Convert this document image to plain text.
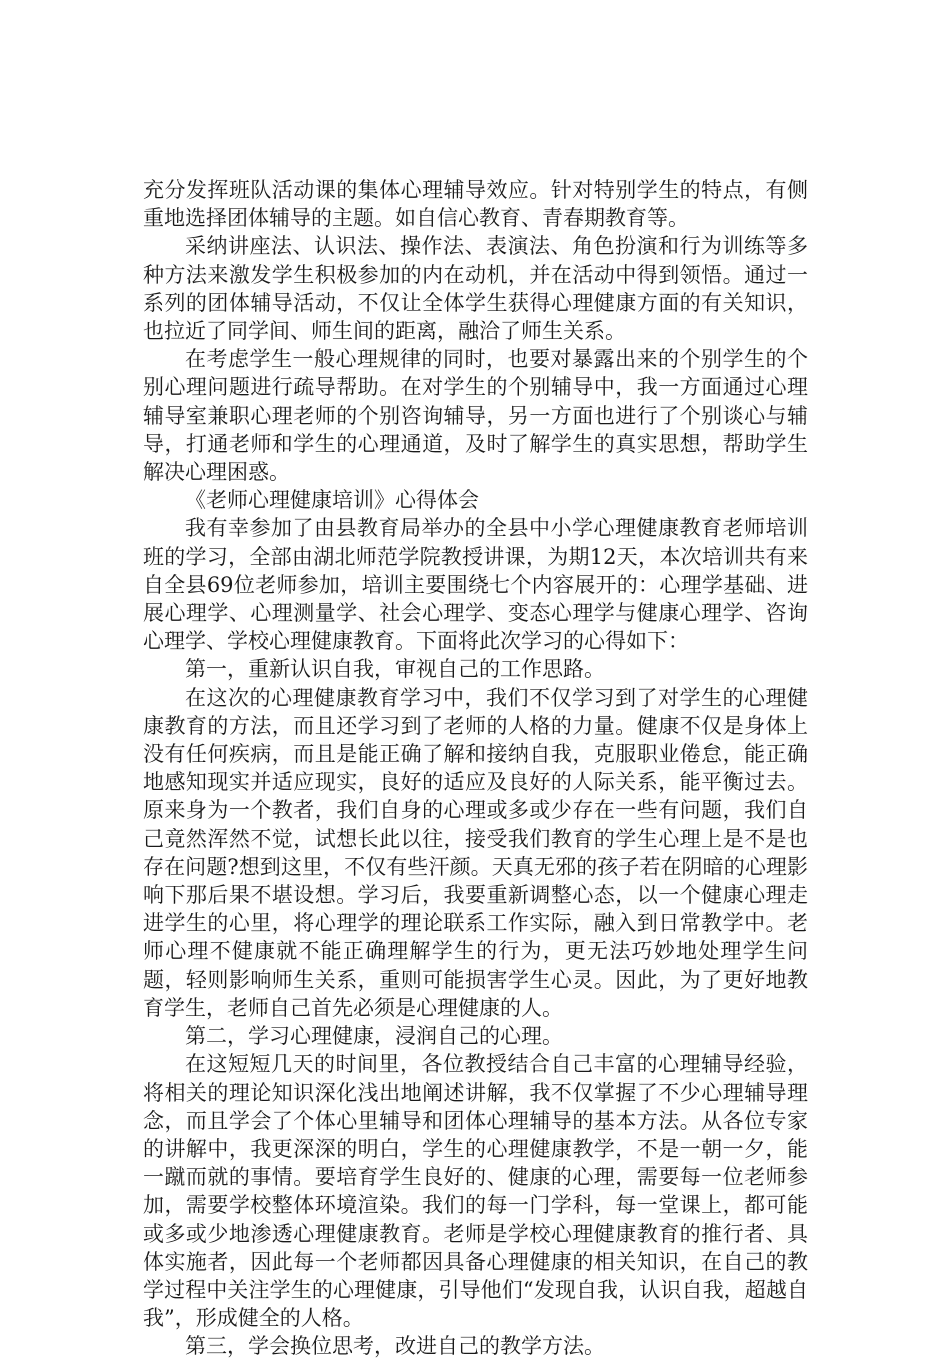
充分发挥班队活动课的集体心理辅导效应。针对特别学生的特点，有侧重地选择团体辅导的主题。如自信心教育、青春期教育等。

采纳讲座法、认识法、操作法、表演法、角色扮演和行为训练等多种方法来激发学生积极参加的内在动机，并在活动中得到领悟。通过一系列的团体辅导活动，不仅让全体学生获得心理健康方面的有关知识，也拉近了同学间、师生间的距离，融洽了师生关系。

在考虑学生一般心理规律的同时，也要对暴露出来的个别学生的个别心理问题进行疏导帮助。在对学生的个别辅导中，我一方面通过心理辅导室兼职心理老师的个别咨询辅导，另一方面也进行了个别谈心与辅导，打通老师和学生的心理通道，及时了解学生的真实思想，帮助学生解决心理困惑。

《老师心理健康培训》心得体会

我有幸参加了由县教育局举办的全县中小学心理健康教育老师培训班的学习，全部由湖北师范学院教授讲课，为期12天，本次培训共有来自全县69位老师参加，培训主要围绕七个内容展开的：心理学基础、进展心理学、心理测量学、社会心理学、变态心理学与健康心理学、咨询心理学、学校心理健康教育。下面将此次学习的心得如下：

第一，重新认识自我，审视自己的工作思路。

在这次的心理健康教育学习中，我们不仅学习到了对学生的心理健康教育的方法，而且还学习到了老师的人格的力量。健康不仅是身体上没有任何疾病，而且是能正确了解和接纳自我，克服职业倦怠，能正确地感知现实并适应现实，良好的适应及良好的人际关系，能平衡过去。原来身为一个教者，我们自身的心理或多或少存在一些有问题，我们自己竟然浑然不觉，试想长此以往，接受我们教育的学生心理上是不是也存在问题?想到这里，不仅有些汗颜。天真无邪的孩子若在阴暗的心理影响下那后果不堪设想。学习后，我要重新调整心态，以一个健康心理走进学生的心里，将心理学的理论联系工作实际，融入到日常教学中。老师心理不健康就不能正确理解学生的行为，更无法巧妙地处理学生问题，轻则影响师生关系，重则可能损害学生心灵。因此，为了更好地教育学生，老师自己首先必须是心理健康的人。

第二，学习心理健康，浸润自己的心理。

在这短短几天的时间里，各位教授结合自己丰富的心理辅导经验，将相关的理论知识深化浅出地阐述讲解，我不仅掌握了不少心理辅导理念，而且学会了个体心里辅导和团体心理辅导的基本方法。从各位专家的讲解中，我更深深的明白，学生的心理健康教学，不是一朝一夕，能一蹴而就的事情。要培育学生良好的、健康的心理，需要每一位老师参加，需要学校整体环境渲染。我们的每一门学科，每一堂课上，都可能或多或少地渗透心理健康教育。老师是学校心理健康教育的推行者、具体实施者，因此每一个老师都因具备心理健康的相关知识，在自己的教学过程中关注学生的心理健康，引导他们“发现自我，认识自我，超越自我”，形成健全的人格。

第三，学会换位思考，改进自己的教学方法。
